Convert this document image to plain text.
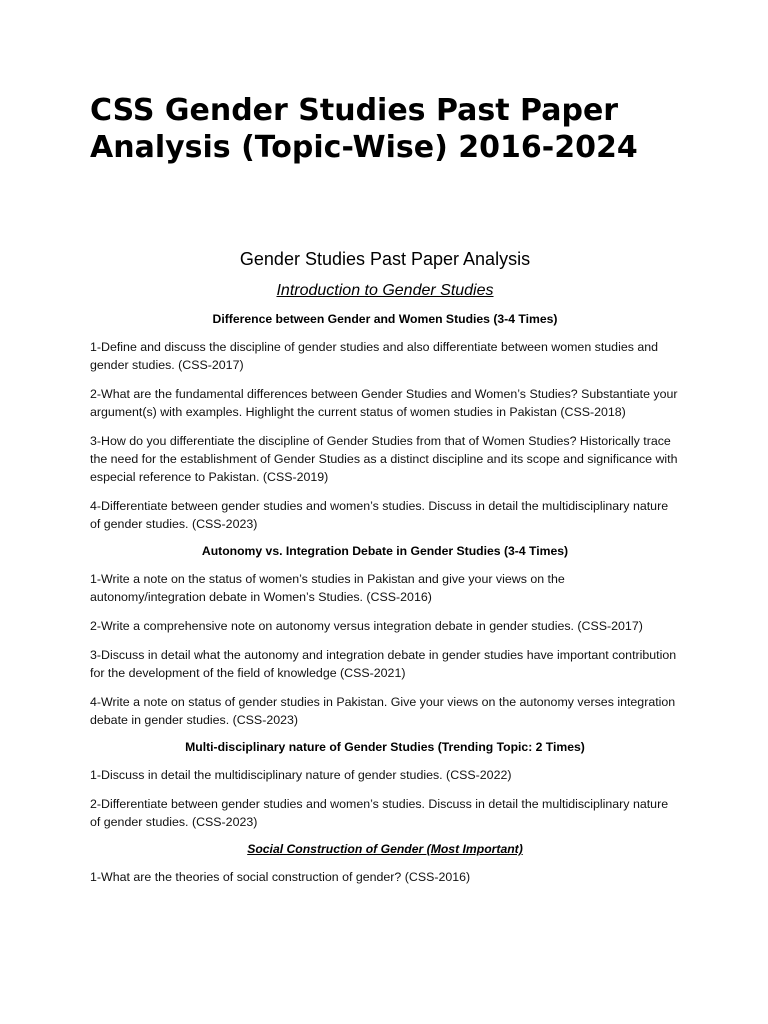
CSS Gender Studies Past Paper Analysis (Topic-Wise) 2016-2024
Gender Studies Past Paper Analysis
Introduction to Gender Studies
Difference between Gender and Women Studies (3-4 Times)

1-Define and discuss the discipline of gender studies and also differentiate between women studies and gender studies. (CSS-2017)

2-What are the fundamental differences between Gender Studies and Women’s Studies? Substantiate your argument(s) with examples. Highlight the current status of women studies in Pakistan (CSS-2018)

3-How do you differentiate the discipline of Gender Studies from that of Women Studies? Historically trace the need for the establishment of Gender Studies as a distinct discipline and its scope and significance with especial reference to Pakistan. (CSS-2019)

4-Differentiate between gender studies and women’s studies. Discuss in detail the multidisciplinary nature of gender studies. (CSS-2023)

Autonomy vs. Integration Debate in Gender Studies (3-4 Times)

1-Write a note on the status of women’s studies in Pakistan and give your views on the autonomy/integration debate in Women’s Studies. (CSS-2016)

2-Write a comprehensive note on autonomy versus integration debate in gender studies. (CSS-2017)

3-Discuss in detail what the autonomy and integration debate in gender studies have important contribution for the development of the field of knowledge (CSS-2021)

4-Write a note on status of gender studies in Pakistan. Give your views on the autonomy verses integration debate in gender studies. (CSS-2023)

Multi-disciplinary nature of Gender Studies (Trending Topic: 2 Times)

1-Discuss in detail the multidisciplinary nature of gender studies. (CSS-2022)

2-Differentiate between gender studies and women’s studies. Discuss in detail the multidisciplinary nature of gender studies. (CSS-2023)

Social Construction of Gender (Most Important)

1-What are the theories of social construction of gender? (CSS-2016)
